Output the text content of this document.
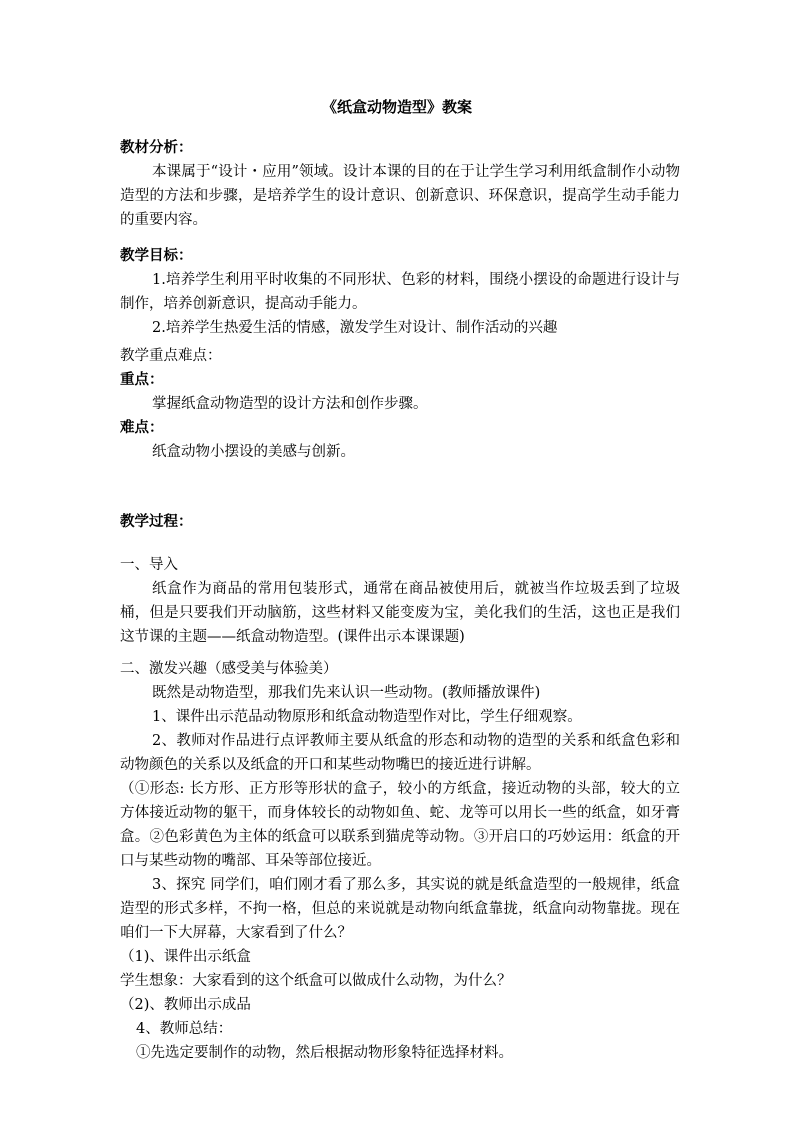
《纸盒动物造型》教案
教材分析：
本课属于“设计・应用”领域。设计本课的目的在于让学生学习利用纸盒制作小动物造型的方法和步骤，是培养学生的设计意识、创新意识、环保意识，提高学生动手能力的重要内容。
教学目标：
1.培养学生利用平时收集的不同形状、色彩的材料，围绕小摆设的命题进行设计与制作，培养创新意识，提高动手能力。
2.培养学生热爱生活的情感，激发学生对设计、制作活动的兴趣
教学重点难点：
重点：
掌握纸盒动物造型的设计方法和创作步骤。
难点：
纸盒动物小摆设的美感与创新。
教学过程：
一、导入
纸盒作为商品的常用包装形式，通常在商品被使用后，就被当作垃圾丢到了垃圾桶，但是只要我们开动脑筋，这些材料又能变废为宝，美化我们的生活，这也正是我们这节课的主题——纸盒动物造型。(课件出示本课课题)
二、激发兴趣（感受美与体验美）
既然是动物造型，那我们先来认识一些动物。(教师播放课件)
1、课件出示范品动物原形和纸盒动物造型作对比，学生仔细观察。
2、教师对作品进行点评教师主要从纸盒的形态和动物的造型的关系和纸盒色彩和动物颜色的关系以及纸盒的开口和某些动物嘴巴的接近进行讲解。
（①形态: 长方形、正方形等形状的盒子，较小的方纸盒，接近动物的头部，较大的立方体接近动物的躯干，而身体较长的动物如鱼、蛇、龙等可以用长一些的纸盒，如牙膏盒。②色彩黄色为主体的纸盒可以联系到猫虎等动物。③开启口的巧妙运用：纸盒的开口与某些动物的嘴部、耳朵等部位接近。
3、探究 同学们，咱们刚才看了那么多，其实说的就是纸盒造型的一般规律，纸盒造型的形式多样，不拘一格，但总的来说就是动物向纸盒靠拢，纸盒向动物靠拢。现在咱们一下大屏幕，大家看到了什么？
（1)、课件出示纸盒
学生想象：大家看到的这个纸盒可以做成什么动物，为什么？
（2)、教师出示成品
4、教师总结：
①先选定要制作的动物，然后根据动物形象特征选择材料。
